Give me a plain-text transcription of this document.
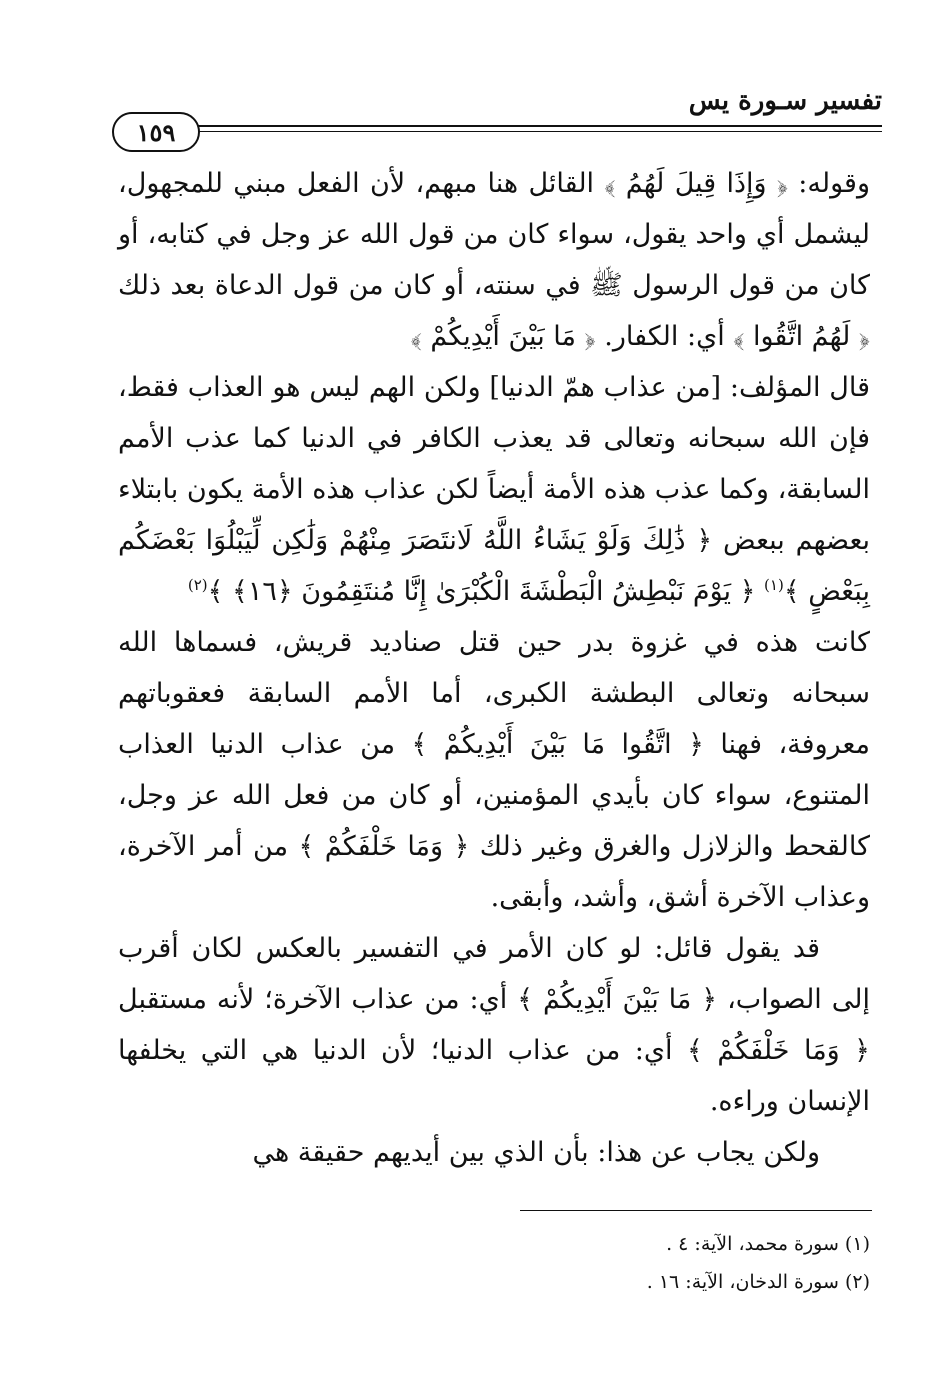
تفسير سـورة يس
١٥٩

وقوله: ﴿ وَإِذَا قِيلَ لَهُمُ ﴾ القائل هنا مبهم، لأن الفعل مبني للمجهول، ليشمل أي واحد يقول، سواء كان من قول الله عز وجل في كتابه، أو كان من قول الرسول ﷺ في سنته، أو كان من قول الدعاة بعد ذلك ﴿ لَهُمُ اتَّقُوا ﴾ أي: الكفار. ﴿ مَا بَيْنَ أَيْدِيكُمْ ﴾

قال المؤلف: [من عذاب همّ الدنيا] ولكن الهم ليس هو العذاب فقط، فإن الله سبحانه وتعالى قد يعذب الكافر في الدنيا كما عذب الأمم السابقة، وكما عذب هذه الأمة أيضاً لكن عذاب هذه الأمة يكون بابتلاء بعضهم ببعض ﴿ ذَٰلِكَ وَلَوْ يَشَاءُ اللَّهُ لَانتَصَرَ مِنْهُمْ وَلَٰكِن لِّيَبْلُوَا بَعْضَكُم بِبَعْضٍ ﴾$^{(١)}$ ﴿ يَوْمَ نَبْطِشُ الْبَطْشَةَ الْكُبْرَىٰ إِنَّا مُنتَقِمُونَ ﴿١٦﴾ ﴾$^{(٢)}$

كانت هذه في غزوة بدر حين قتل صناديد قريش، فسماها الله سبحانه وتعالى البطشة الكبرى، أما الأمم السابقة فعقوباتهم معروفة، فهنا ﴿ اتَّقُوا مَا بَيْنَ أَيْدِيكُمْ ﴾ من عذاب الدنيا العذاب المتنوع، سواء كان بأيدي المؤمنين، أو كان من فعل الله عز وجل، كالقحط والزلازل والغرق وغير ذلك ﴿ وَمَا خَلْفَكُمْ ﴾ من أمر الآخرة، وعذاب الآخرة أشق، وأشد، وأبقى.

قد يقول قائل: لو كان الأمر في التفسير بالعكس لكان أقرب إلى الصواب، ﴿ مَا بَيْنَ أَيْدِيكُمْ ﴾ أي: من عذاب الآخرة؛ لأنه مستقبل ﴿ وَمَا خَلْفَكُمْ ﴾ أي: من عذاب الدنيا؛ لأن الدنيا هي التي يخلفها الإنسان وراءه.

ولكن يجاب عن هذا: بأن الذي بين أيديهم حقيقة هي

(١) سورة محمد، الآية: ٤ .

(٢) سورة الدخان، الآية: ١٦ .
